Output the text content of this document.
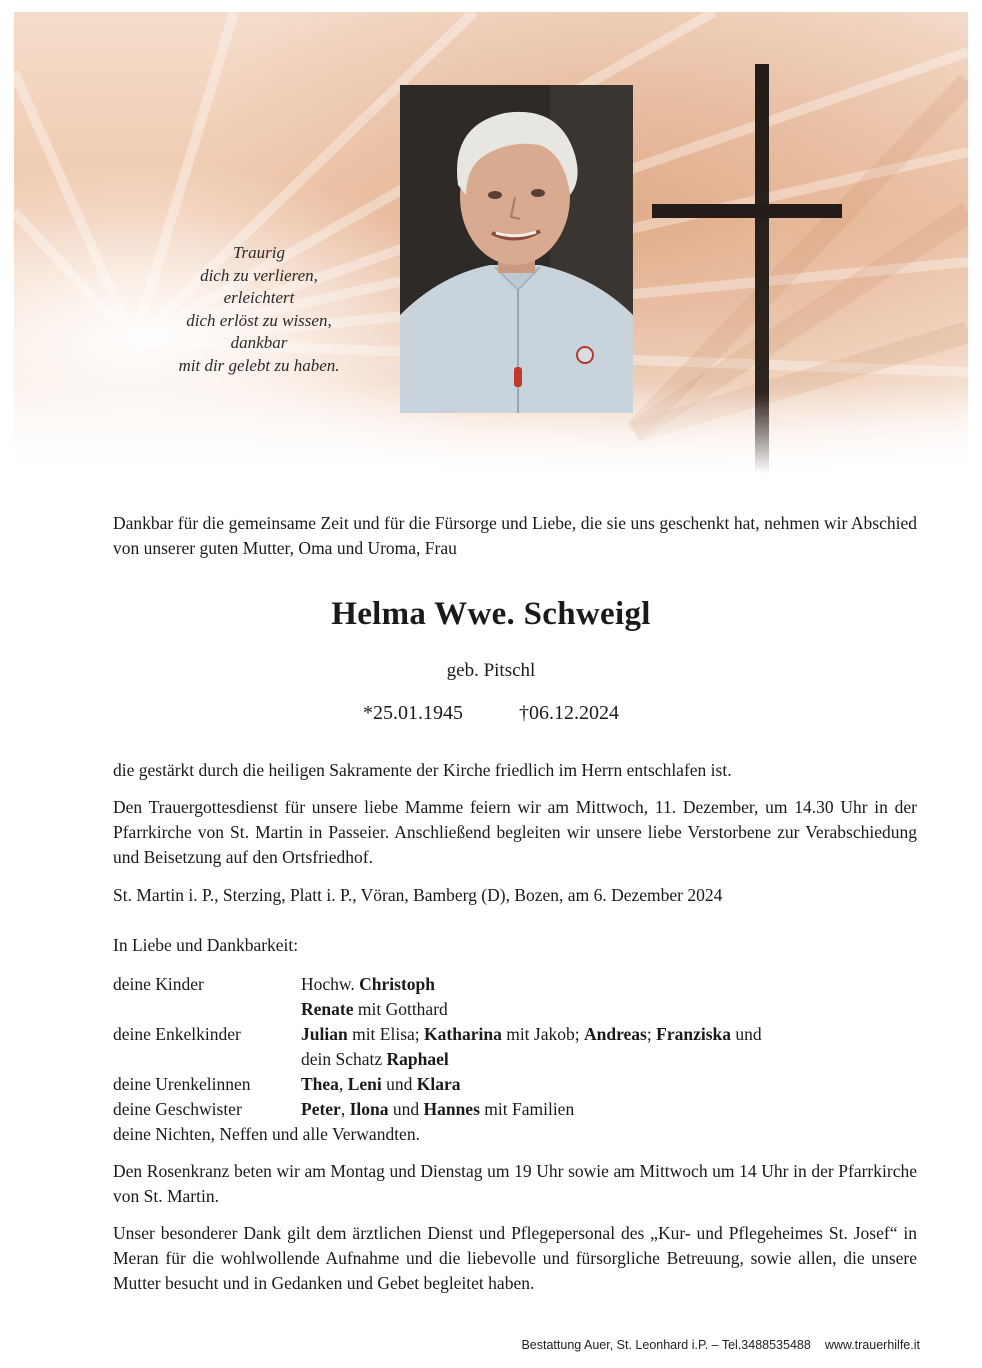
Traurig
dich zu verlieren,
erleichtert
dich erlöst zu wissen,
dankbar
mit dir gelebt zu haben.
Dankbar für die gemeinsame Zeit und für die Fürsorge und Liebe, die sie uns geschenkt hat, nehmen wir Abschied von unserer guten Mutter, Oma und Uroma, Frau
Helma Wwe. Schweigl
geb. Pitschl
*25.01.1945	†06.12.2024
die gestärkt durch die heiligen Sakramente der Kirche friedlich im Herrn entschlafen ist.
Den Trauergottesdienst für unsere liebe Mamme feiern wir am Mittwoch, 11. Dezember, um 14.30 Uhr in der Pfarrkirche von St. Martin in Passeier. Anschließend begleiten wir unsere liebe Verstorbene zur Verabschiedung und Beisetzung auf den Ortsfriedhof.
St. Martin i. P., Sterzing, Platt i. P., Vöran, Bamberg (D), Bozen, am 6. Dezember 2024
In Liebe und Dankbarkeit:
deine Kinder	Hochw. Christoph
Renate mit Gotthard
deine Enkelkinder	Julian mit Elisa; Katharina mit Jakob; Andreas; Franziska und
dein Schatz Raphael
deine Urenkelinnen	Thea, Leni und Klara
deine Geschwister	Peter, Ilona und Hannes mit Familien
deine Nichten, Neffen und alle Verwandten.
Den Rosenkranz beten wir am Montag und Dienstag um 19 Uhr sowie am Mittwoch um 14 Uhr in der Pfarrkirche von St. Martin.
Unser besonderer Dank gilt dem ärztlichen Dienst und Pflegepersonal des „Kur- und Pflegeheimes St. Josef“ in Meran für die wohlwollende Aufnahme und die liebevolle und fürsorgliche Betreuung, sowie allen, die unsere Mutter besucht und in Gedanken und Gebet begleitet haben.
Bestattung Auer, St. Leonhard i.P. – Tel.3488535488 www.trauerhilfe.it
